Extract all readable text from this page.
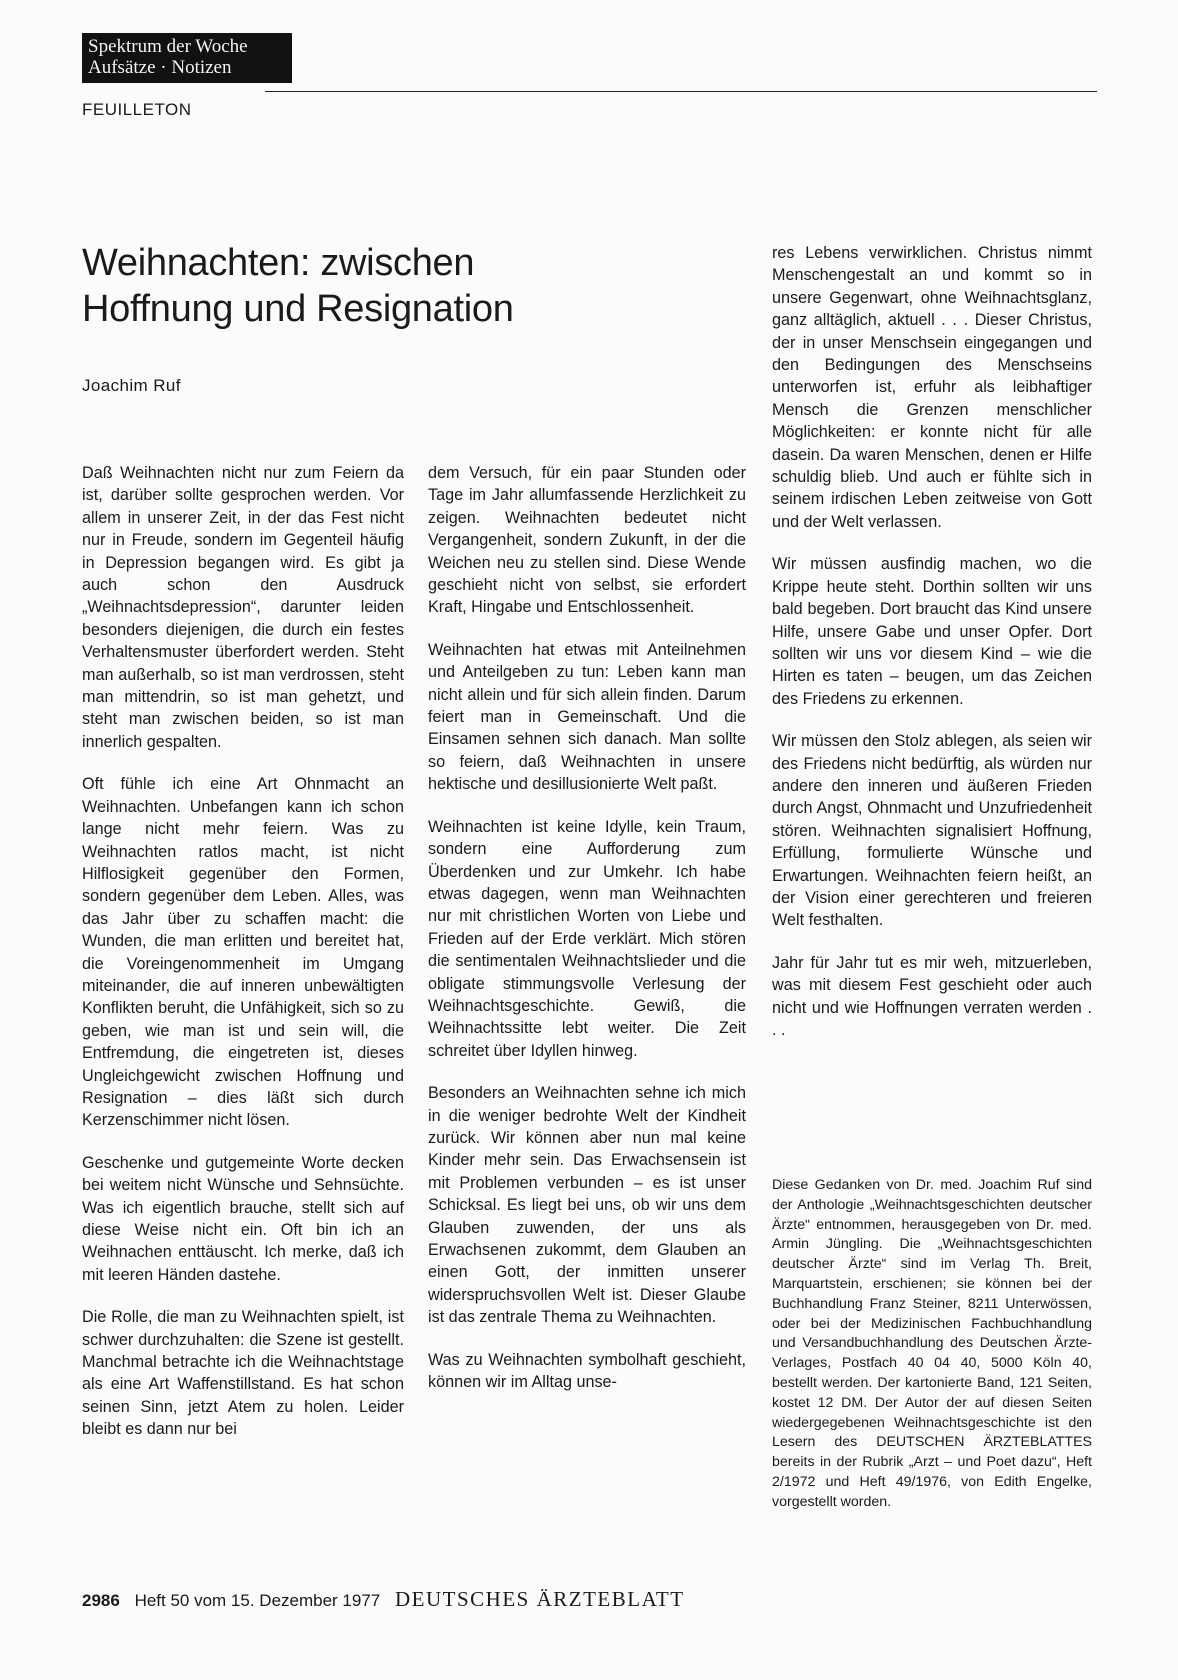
Spektrum der Woche
Aufsätze · Notizen
FEUILLETON
Weihnachten: zwischen
Hoffnung und Resignation
Joachim Ruf

Daß Weihnachten nicht nur zum Feiern da ist, darüber sollte gesprochen werden. Vor allem in unserer Zeit, in der das Fest nicht nur in Freude, sondern im Gegenteil häufig in Depression begangen wird. Es gibt ja auch schon den Ausdruck „Weihnachtsdepression“, darunter leiden besonders diejenigen, die durch ein festes Verhaltensmuster überfordert werden. Steht man außerhalb, so ist man verdrossen, steht man mittendrin, so ist man gehetzt, und steht man zwischen beiden, so ist man innerlich gespalten.

Oft fühle ich eine Art Ohnmacht an Weihnachten. Unbefangen kann ich schon lange nicht mehr feiern. Was zu Weihnachten ratlos macht, ist nicht Hilflosigkeit gegenüber den Formen, sondern gegenüber dem Leben. Alles, was das Jahr über zu schaffen macht: die Wunden, die man erlitten und bereitet hat, die Voreingenommenheit im Umgang miteinander, die auf inneren unbewältigten Konflikten beruht, die Unfähigkeit, sich so zu geben, wie man ist und sein will, die Entfremdung, die eingetreten ist, dieses Ungleichgewicht zwischen Hoffnung und Resignation – dies läßt sich durch Kerzenschimmer nicht lösen.

Geschenke und gutgemeinte Worte decken bei weitem nicht Wünsche und Sehnsüchte. Was ich eigentlich brauche, stellt sich auf diese Weise nicht ein. Oft bin ich an Weihnachen enttäuscht. Ich merke, daß ich mit leeren Händen dastehe.

Die Rolle, die man zu Weihnachten spielt, ist schwer durchzuhalten: die Szene ist gestellt. Manchmal betrachte ich die Weihnachtstage als eine Art Waffenstillstand. Es hat schon seinen Sinn, jetzt Atem zu holen. Leider bleibt es dann nur bei

dem Versuch, für ein paar Stunden oder Tage im Jahr allumfassende Herzlichkeit zu zeigen. Weihnachten bedeutet nicht Vergangenheit, sondern Zukunft, in der die Weichen neu zu stellen sind. Diese Wende geschieht nicht von selbst, sie erfordert Kraft, Hingabe und Entschlossenheit.

Weihnachten hat etwas mit Anteilnehmen und Anteilgeben zu tun: Leben kann man nicht allein und für sich allein finden. Darum feiert man in Gemeinschaft. Und die Einsamen sehnen sich danach. Man sollte so feiern, daß Weihnachten in unsere hektische und desillusionierte Welt paßt.

Weihnachten ist keine Idylle, kein Traum, sondern eine Aufforderung zum Überdenken und zur Umkehr. Ich habe etwas dagegen, wenn man Weihnachten nur mit christlichen Worten von Liebe und Frieden auf der Erde verklärt. Mich stören die sentimentalen Weihnachtslieder und die obligate stimmungsvolle Verlesung der Weihnachtsgeschichte. Gewiß, die Weihnachtssitte lebt weiter. Die Zeit schreitet über Idyllen hinweg.

Besonders an Weihnachten sehne ich mich in die weniger bedrohte Welt der Kindheit zurück. Wir können aber nun mal keine Kinder mehr sein. Das Erwachsensein ist mit Problemen verbunden – es ist unser Schicksal. Es liegt bei uns, ob wir uns dem Glauben zuwenden, der uns als Erwachsenen zukommt, dem Glauben an einen Gott, der inmitten unserer widerspruchsvollen Welt ist. Dieser Glaube ist das zentrale Thema zu Weihnachten.

Was zu Weihnachten symbolhaft geschieht, können wir im Alltag unse-

res Lebens verwirklichen. Christus nimmt Menschengestalt an und kommt so in unsere Gegenwart, ohne Weihnachtsglanz, ganz alltäglich, aktuell . . . Dieser Christus, der in unser Menschsein eingegangen und den Bedingungen des Menschseins unterworfen ist, erfuhr als leibhaftiger Mensch die Grenzen menschlicher Möglichkeiten: er konnte nicht für alle dasein. Da waren Menschen, denen er Hilfe schuldig blieb. Und auch er fühlte sich in seinem irdischen Leben zeitweise von Gott und der Welt verlassen.

Wir müssen ausfindig machen, wo die Krippe heute steht. Dorthin sollten wir uns bald begeben. Dort braucht das Kind unsere Hilfe, unsere Gabe und unser Opfer. Dort sollten wir uns vor diesem Kind – wie die Hirten es taten – beugen, um das Zeichen des Friedens zu erkennen.

Wir müssen den Stolz ablegen, als seien wir des Friedens nicht bedürftig, als würden nur andere den inneren und äußeren Frieden durch Angst, Ohnmacht und Unzufriedenheit stören. Weihnachten signalisiert Hoffnung, Erfüllung, formulierte Wünsche und Erwartungen. Weihnachten feiern heißt, an der Vision einer gerechteren und freieren Welt festhalten.

Jahr für Jahr tut es mir weh, mitzuerleben, was mit diesem Fest geschieht oder auch nicht und wie Hoffnungen verraten werden . . .

Diese Gedanken von Dr. med. Joachim Ruf sind der Anthologie „Weihnachtsgeschichten deutscher Ärzte“ entnommen, herausgegeben von Dr. med. Armin Jüngling. Die „Weihnachtsgeschichten deutscher Ärzte“ sind im Verlag Th. Breit, Marquartstein, erschienen; sie können bei der Buchhandlung Franz Steiner, 8211 Unterwössen, oder bei der Medizinischen Fachbuchhandlung und Versandbuchhandlung des Deutschen Ärzte-Verlages, Postfach 40 04 40, 5000 Köln 40, bestellt werden. Der kartonierte Band, 121 Seiten, kostet 12 DM. Der Autor der auf diesen Seiten wiedergegebenen Weihnachtsgeschichte ist den Lesern des DEUTSCHEN ÄRZTEBLATTES bereits in der Rubrik „Arzt – und Poet dazu“, Heft 2/1972 und Heft 49/1976, von Edith Engelke, vorgestellt worden.
2986 Heft 50 vom 15. Dezember 1977 DEUTSCHES ÄRZTEBLATT
